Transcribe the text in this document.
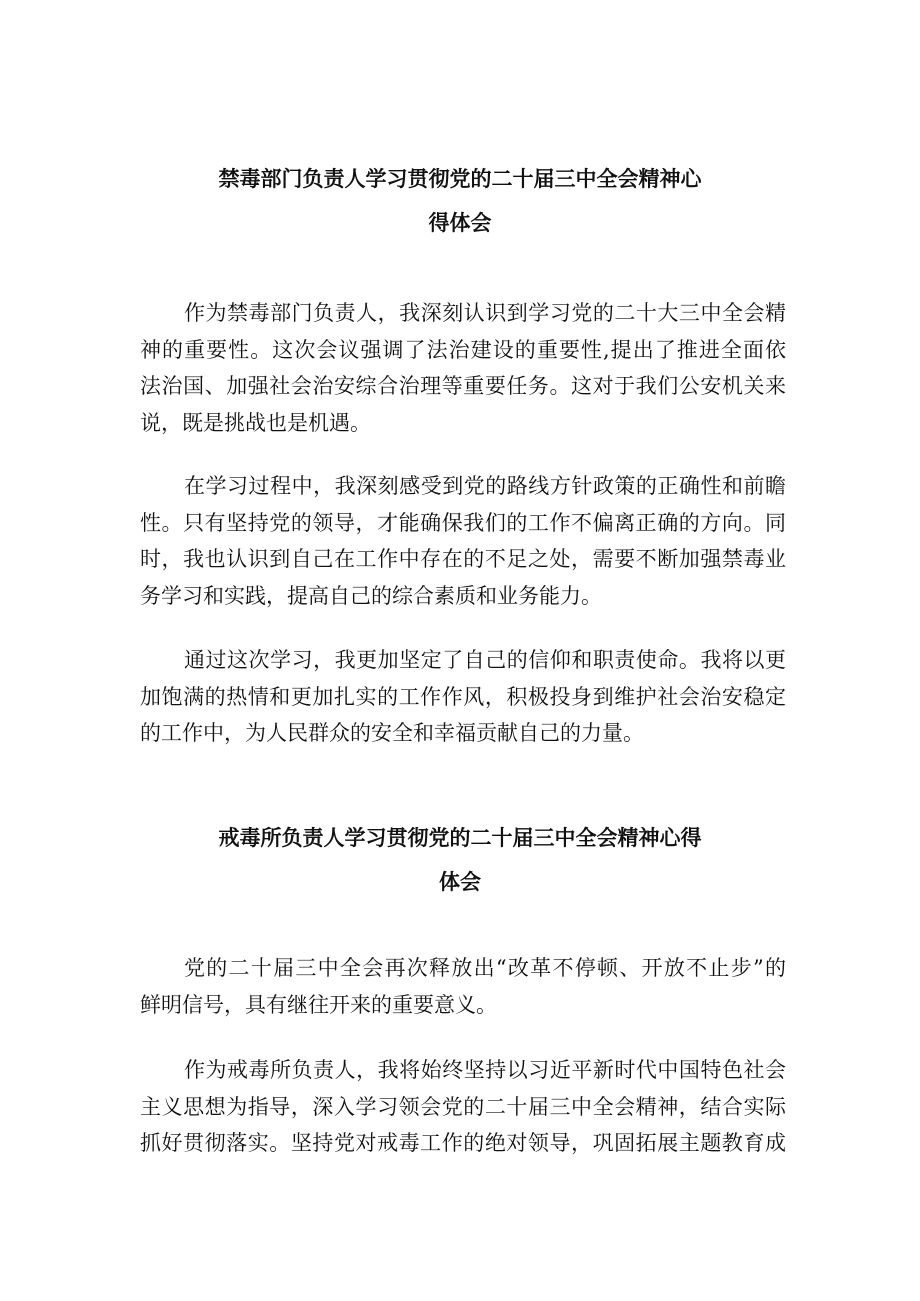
禁毒部门负责人学习贯彻党的二十届三中全会精神心
得体会

作为禁毒部门负责人，我深刻认识到学习党的二十大三中全会精
神的重要性。这次会议强调了法治建设的重要性,提出了推进全面依
法治国、加强社会治安综合治理等重要任务。这对于我们公安机关来
说，既是挑战也是机遇。

在学习过程中，我深刻感受到党的路线方针政策的正确性和前瞻
性。只有坚持党的领导，才能确保我们的工作不偏离正确的方向。同
时，我也认识到自己在工作中存在的不足之处，需要不断加强禁毒业
务学习和实践，提高自己的综合素质和业务能力。

通过这次学习，我更加坚定了自己的信仰和职责使命。我将以更
加饱满的热情和更加扎实的工作作风，积极投身到维护社会治安稳定
的工作中，为人民群众的安全和幸福贡献自己的力量。

戒毒所负责人学习贯彻党的二十届三中全会精神心得
体会

党的二十届三中全会再次释放出“改革不停顿、开放不止步”的
鲜明信号，具有继往开来的重要意义。

作为戒毒所负责人，我将始终坚持以习近平新时代中国特色社会
主义思想为指导，深入学习领会党的二十届三中全会精神，结合实际
抓好贯彻落实。坚持党对戒毒工作的绝对领导，巩固拓展主题教育成
